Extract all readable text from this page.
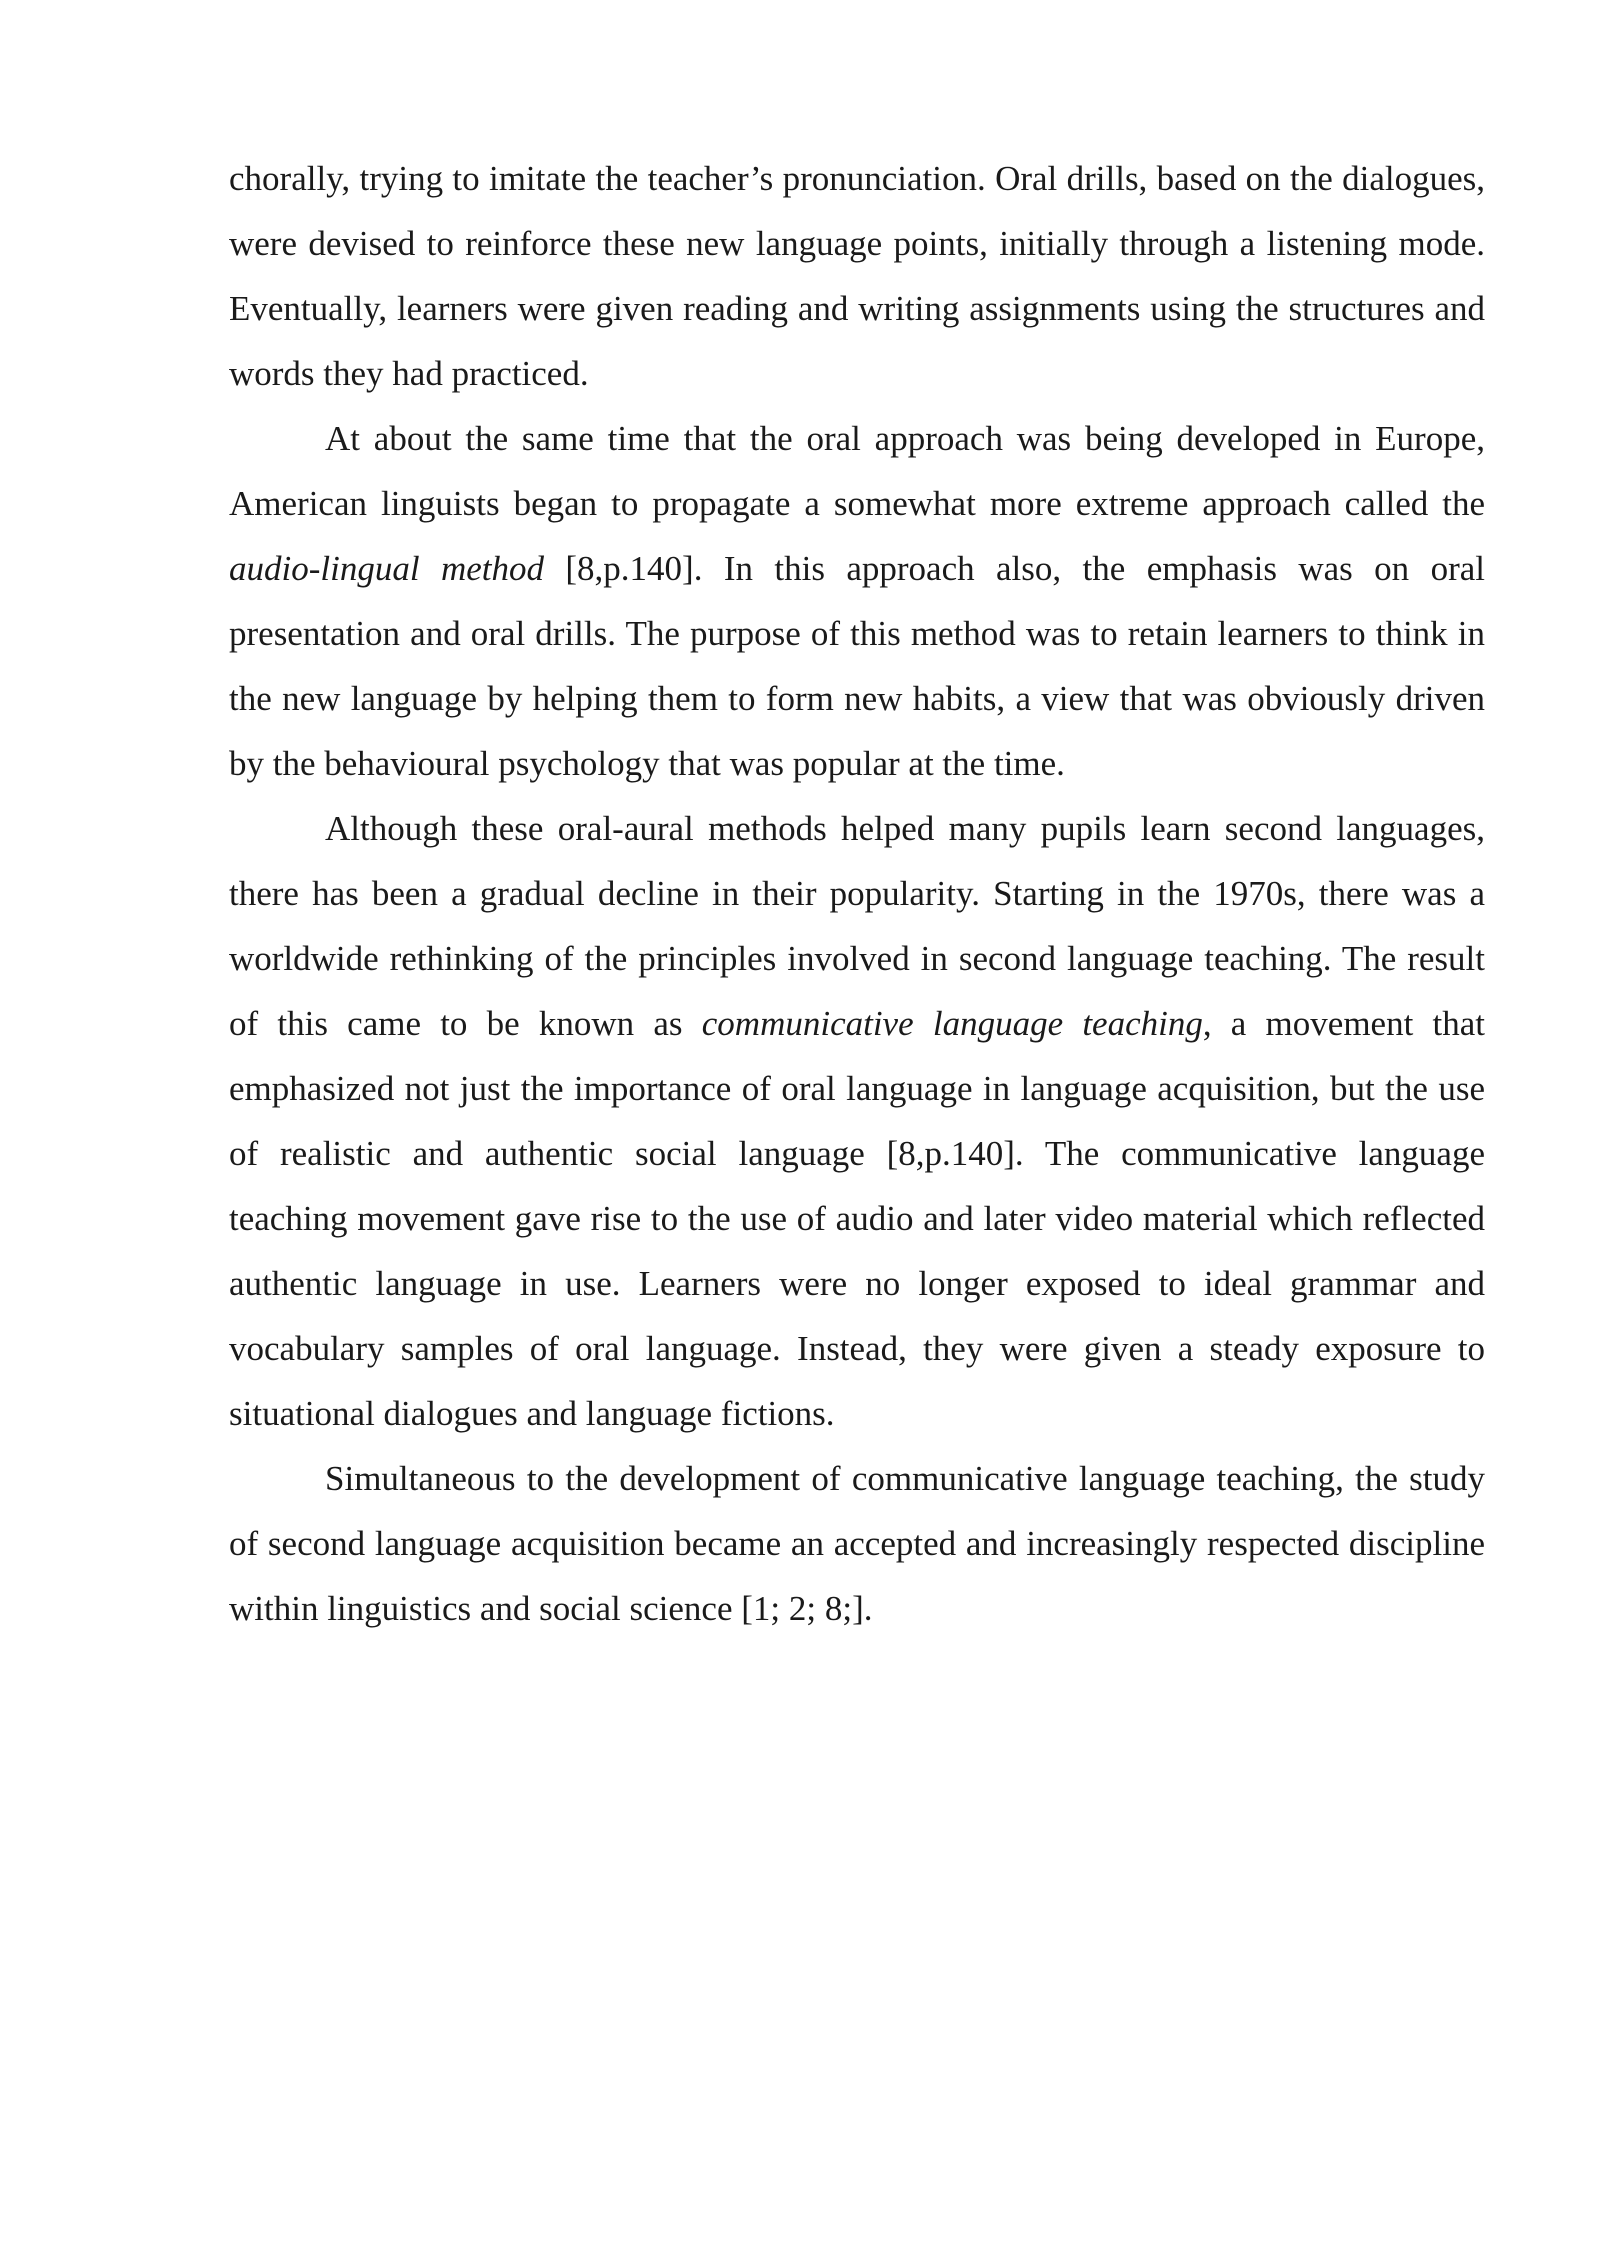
chorally, trying to imitate the teacher’s pronunciation. Oral drills, based on the dialogues, were devised to reinforce these new language points, initially through a listening mode. Eventually, learners were given reading and writing assignments using the structures and words they had practiced.

At about the same time that the oral approach was being developed in Europe, American linguists began to propagate a somewhat more extreme approach called the audio-lingual method [8,p.140]. In this approach also, the emphasis was on oral presentation and oral drills. The purpose of this method was to retain learners to think in the new language by helping them to form new habits, a view that was obviously driven by the behavioural psychology that was popular at the time.

Although these oral-aural methods helped many pupils learn second languages, there has been a gradual decline in their popularity. Starting in the 1970s, there was a worldwide rethinking of the principles involved in second language teaching. The result of this came to be known as communicative language teaching, a movement that emphasized not just the importance of oral language in language acquisition, but the use of realistic and authentic social language [8,p.140]. The communicative language teaching movement gave rise to the use of audio and later video material which reflected authentic language in use. Learners were no longer exposed to ideal grammar and vocabulary samples of oral language. Instead, they were given a steady exposure to situational dialogues and language fictions.

Simultaneous to the development of communicative language teaching, the study of second language acquisition became an accepted and increasingly respected discipline within linguistics and social science [1; 2; 8;].
